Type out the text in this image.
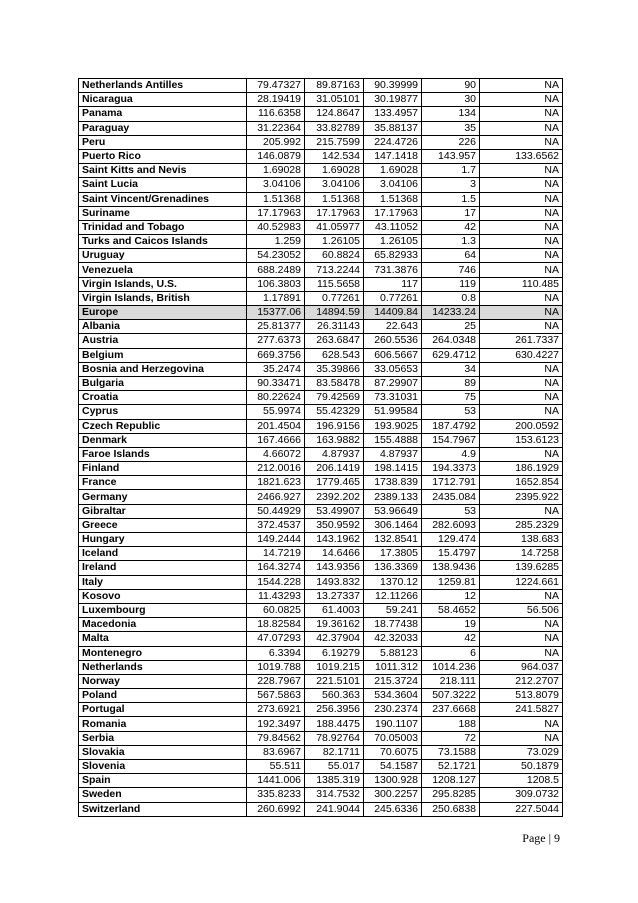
Netherlands Antilles	79.47327	89.87163	90.39999	90	NA
Nicaragua	28.19419	31.05101	30.19877	30	NA
Panama	116.6358	124.8647	133.4957	134	NA
Paraguay	31.22364	33.82789	35.88137	35	NA
Peru	205.992	215.7599	224.4726	226	NA
Puerto Rico	146.0879	142.534	147.1418	143.957	133.6562
Saint Kitts and Nevis	1.69028	1.69028	1.69028	1.7	NA
Saint Lucia	3.04106	3.04106	3.04106	3	NA
Saint Vincent/Grenadines	1.51368	1.51368	1.51368	1.5	NA
Suriname	17.17963	17.17963	17.17963	17	NA
Trinidad and Tobago	40.52983	41.05977	43.11052	42	NA
Turks and Caicos Islands	1.259	1.26105	1.26105	1.3	NA
Uruguay	54.23052	60.8824	65.82933	64	NA
Venezuela	688.2489	713.2244	731.3876	746	NA
Virgin Islands, U.S.	106.3803	115.5658	117	119	110.485
Virgin Islands, British	1.17891	0.77261	0.77261	0.8	NA
Europe	15377.06	14894.59	14409.84	14233.24	NA
Albania	25.81377	26.31143	22.643	25	NA
Austria	277.6373	263.6847	260.5536	264.0348	261.7337
Belgium	669.3756	628.543	606.5667	629.4712	630.4227
Bosnia and Herzegovina	35.2474	35.39866	33.05653	34	NA
Bulgaria	90.33471	83.58478	87.29907	89	NA
Croatia	80.22624	79.42569	73.31031	75	NA
Cyprus	55.9974	55.42329	51.99584	53	NA
Czech Republic	201.4504	196.9156	193.9025	187.4792	200.0592
Denmark	167.4666	163.9882	155.4888	154.7967	153.6123
Faroe Islands	4.66072	4.87937	4.87937	4.9	NA
Finland	212.0016	206.1419	198.1415	194.3373	186.1929
France	1821.623	1779.465	1738.839	1712.791	1652.854
Germany	2466.927	2392.202	2389.133	2435.084	2395.922
Gibraltar	50.44929	53.49907	53.96649	53	NA
Greece	372.4537	350.9592	306.1464	282.6093	285.2329
Hungary	149.2444	143.1962	132.8541	129.474	138.683
Iceland	14.7219	14.6466	17.3805	15.4797	14.7258
Ireland	164.3274	143.9356	136.3369	138.9436	139.6285
Italy	1544.228	1493.832	1370.12	1259.81	1224.661
Kosovo	11.43293	13.27337	12.11266	12	NA
Luxembourg	60.0825	61.4003	59.241	58.4652	56.506
Macedonia	18.82584	19.36162	18.77438	19	NA
Malta	47.07293	42.37904	42.32033	42	NA
Montenegro	6.3394	6.19279	5.88123	6	NA
Netherlands	1019.788	1019.215	1011.312	1014.236	964.037
Norway	228.7967	221.5101	215.3724	218.111	212.2707
Poland	567.5863	560.363	534.3604	507.3222	513.8079
Portugal	273.6921	256.3956	230.2374	237.6668	241.5827
Romania	192.3497	188.4475	190.1107	188	NA
Serbia	79.84562	78.92764	70.05003	72	NA
Slovakia	83.6967	82.1711	70.6075	73.1588	73.029
Slovenia	55.511	55.017	54.1587	52.1721	50.1879
Spain	1441.006	1385.319	1300.928	1208.127	1208.5
Sweden	335.8233	314.7532	300.2257	295.8285	309.0732
Switzerland	260.6992	241.9044	245.6336	250.6838	227.5044
Page | 9
